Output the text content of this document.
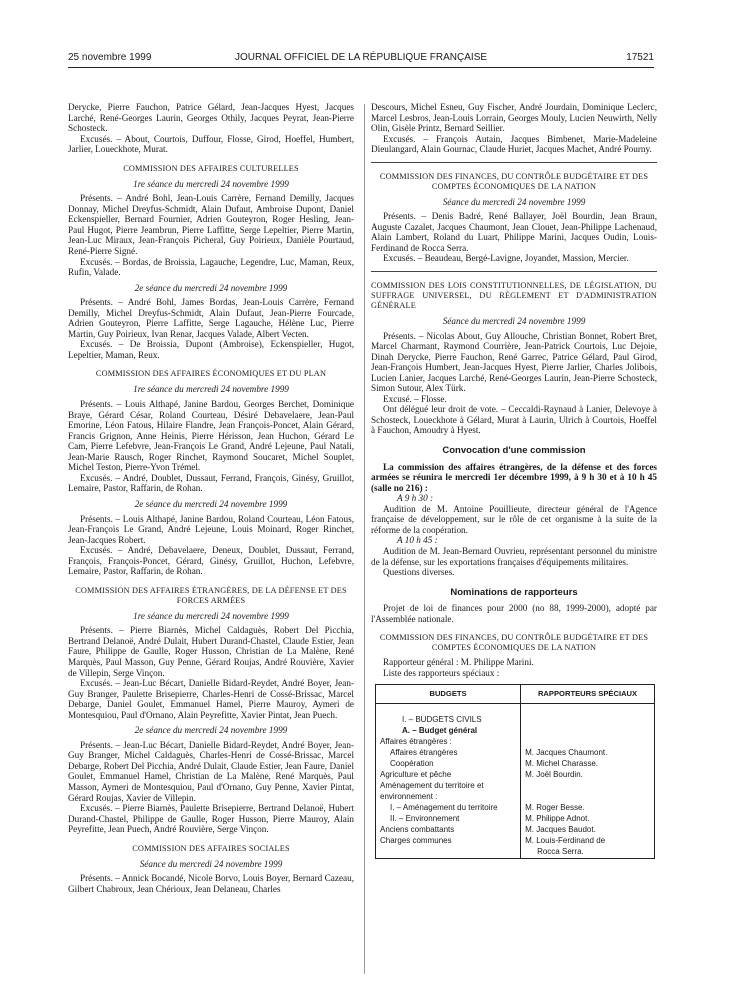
25 novembre 1999	JOURNAL OFFICIEL DE LA RÉPUBLIQUE FRANÇAISE	17521

Derycke, Pierre Fauchon, Patrice Gélard, Jean-Jacques Hyest, Jacques Larché, René-Georges Laurin, Georges Othily, Jacques Peyrat, Jean-Pierre Schosteck.

Excusés. – About, Courtois, Duffour, Flosse, Girod, Hoeffel, Humbert, Jarlier, Loueckhote, Murat.

COMMISSION DES AFFAIRES CULTURELLES
1re séance du mercredi 24 novembre 1999

Présents. – André Bohl, Jean-Louis Carrère, Fernand Demilly, Jacques Donnay, Michel Dreyfus-Schmidt, Alain Dufaut, Ambroise Dupont, Daniel Eckenspieller, Bernard Fournier, Adrien Gouteyron, Roger Hesling, Jean-Paul Hugot, Pierre Jeambrun, Pierre Laffitte, Serge Lepeltier, Pierre Martin, Jean-Luc Miraux, Jean-François Picheral, Guy Poirieux, Danièle Pourtaud, René-Pierre Signé.

Excusés. – Bordas, de Broissia, Lagauche, Legendre, Luc, Maman, Reux, Rufin, Valade.

2e séance du mercredi 24 novembre 1999

Présents. – André Bohl, James Bordas, Jean-Louis Carrère, Fernand Demilly, Michel Dreyfus-Schmidt, Alain Dufaut, Jean-Pierre Fourcade, Adrien Gouteyron, Pierre Laffitte, Serge Lagauche, Hélène Luc, Pierre Martin, Guy Poirieux, Ivan Renar, Jacques Valade, Albert Vecten.

Excusés. – De Broissia, Dupont (Ambroise), Eckenspieller, Hugot, Lepeltier, Maman, Reux.

COMMISSION DES AFFAIRES ÉCONOMIQUES ET DU PLAN
1re séance du mercredi 24 novembre 1999

Présents. – Louis Althapé, Janine Bardou, Georges Berchet, Dominique Braye, Gérard César, Roland Courteau, Désiré Debavelaere, Jean-Paul Emorine, Léon Fatous, Hilaire Flandre, Jean François-Poncet, Alain Gérard, Francis Grignon, Anne Heinis, Pierre Hérisson, Jean Huchon, Gérard Le Cam, Pierre Lefebvre, Jean-François Le Grand, André Lejeune, Paul Natali, Jean-Marie Rausch, Roger Rinchet, Raymond Soucaret, Michel Souplet, Michel Teston, Pierre-Yvon Trémel.

Excusés. – André, Doublet, Dussaut, Ferrand, François, Ginésy, Gruillot, Lemaire, Pastor, Raffarin, de Rohan.

2e séance du mercredi 24 novembre 1999

Présents. – Louis Althapé, Janine Bardou, Roland Courteau, Léon Fatous, Jean-François Le Grand, André Lejeune, Louis Moinard, Roger Rinchet, Jean-Jacques Robert.

Excusés. – André, Debavelaere, Deneux, Doublet, Dussaut, Ferrand, François, François-Poncet, Gérard, Ginésy, Gruillot, Huchon, Lefebvre, Lemaire, Pastor, Raffarin, de Rohan.

COMMISSION DES AFFAIRES ÉTRANGÈRES, DE LA DÉFENSE ET DES FORCES ARMÉES
1re séance du mercredi 24 novembre 1999

Présents. – Pierre Biarnès, Michel Caldaguès, Robert Del Picchia, Bertrand Delanoë, André Dulait, Hubert Durand-Chastel, Claude Estier, Jean Faure, Philippe de Gaulle, Roger Husson, Christian de La Malène, René Marquès, Paul Masson, Guy Penne, Gérard Roujas, André Rouvière, Xavier de Villepin, Serge Vinçon.

Excusés. – Jean-Luc Bécart, Danielle Bidard-Reydet, André Boyer, Jean-Guy Branger, Paulette Brisepierre, Charles-Henri de Cossé-Brissac, Marcel Debarge, Daniel Goulet, Emmanuel Hamel, Pierre Mauroy, Aymeri de Montesquiou, Paul d'Ornano, Alain Peyrefitte, Xavier Pintat, Jean Puech.

2e séance du mercredi 24 novembre 1999

Présents. – Jean-Luc Bécart, Danielle Bidard-Reydet, André Boyer, Jean-Guy Branger, Michel Caldaguès, Charles-Henri de Cossé-Brissac, Marcel Debarge, Robert Del Picchia, André Dulait, Claude Estier, Jean Faure, Daniel Goulet, Emmanuel Hamel, Christian de La Malène, René Marquès, Paul Masson, Aymeri de Montesquiou, Paul d'Ornano, Guy Penne, Xavier Pintat, Gérard Roujas, Xavier de Villepin.

Excusés. – Pierre Biarnès, Paulette Brisepierre, Bertrand Delanoë, Hubert Durand-Chastel, Philippe de Gaulle, Roger Husson, Pierre Mauroy, Alain Peyrefitte, Jean Puech, André Rouvière, Serge Vinçon.

COMMISSION DES AFFAIRES SOCIALES
Séance du mercredi 24 novembre 1999

Présents. – Annick Bocandé, Nicole Borvo, Louis Boyer, Bernard Cazeau, Gilbert Chabroux, Jean Chérioux, Jean Delaneau, Charles

Descours, Michel Esneu, Guy Fischer, André Jourdain, Dominique Leclerc, Marcel Lesbros, Jean-Louis Lorrain, Georges Mouly, Lucien Neuwirth, Nelly Olin, Gisèle Printz, Bernard Seillier.

Excusés. – François Autain, Jacques Bimbenet, Marie-Madeleine Dieulangard, Alain Gournac, Claude Huriet, Jacques Machet, André Pourny.

COMMISSION DES FINANCES, DU CONTRÔLE BUDGÉTAIRE ET DES COMPTES ÉCONOMIQUES DE LA NATION
Séance du mercredi 24 novembre 1999

Présents. – Denis Badré, René Ballayer, Joël Bourdin, Jean Braun, Auguste Cazalet, Jacques Chaumont, Jean Clouet, Jean-Philippe Lachenaud, Alain Lambert, Roland du Luart, Philippe Marini, Jacques Oudin, Louis-Ferdinand de Rocca Serra.

Excusés. – Beaudeau, Bergé-Lavigne, Joyandet, Massion, Mercier.

COMMISSION DES LOIS CONSTITUTIONNELLES, DE LÉGISLATION, DU SUFFRAGE UNIVERSEL, DU RÈGLEMENT ET D'ADMINISTRATION GÉNÉRALE
Séance du mercredi 24 novembre 1999

Présents. – Nicolas About, Guy Allouche, Christian Bonnet, Robert Bret, Marcel Charmant, Raymond Courrière, Jean-Patrick Courtois, Luc Dejoie, Dinah Derycke, Pierre Fauchon, René Garrec, Patrice Gélard, Paul Girod, Jean-François Humbert, Jean-Jacques Hyest, Pierre Jarlier, Charles Jolibois, Lucien Lanier, Jacques Larché, René-Georges Laurin, Jean-Pierre Schosteck, Simon Sutour, Alex Türk.

Excusé. – Flosse.

Ont délégué leur droit de vote. – Ceccaldi-Raynaud à Lanier, Delevoye à Schosteck, Loueckhote à Gélard, Murat à Laurin, Ulrich à Courtois, Hoeffel à Fauchon, Amoudry à Hyest.

Convocation d'une commission

La commission des affaires étrangères, de la défense et des forces armées se réunira le mercredi 1er décembre 1999, à 9 h 30 et à 10 h 45 (salle no 216) :

A 9 h 30 :

Audition de M. Antoine Pouillieute, directeur général de l'Agence française de développement, sur le rôle de cet organisme à la suite de la réforme de la coopération.

A 10 h 45 :

Audition de M. Jean-Bernard Ouvrieu, représentant personnel du ministre de la défense, sur les exportations françaises d'équipements militaires.

Questions diverses.

Nominations de rapporteurs

Projet de loi de finances pour 2000 (no 88, 1999-2000), adopté par l'Assemblée nationale.

COMMISSION DES FINANCES, DU CONTRÔLE BUDGÉTAIRE ET DES COMPTES ÉCONOMIQUES DE LA NATION

Rapporteur général : M. Philippe Marini.

Liste des rapporteurs spéciaux :

BUDGETS	RAPPORTEURS SPÉCIAUX

I. – BUDGETS CIVILS	
A. – Budget général	
Affaires étrangères :	
Affaires étrangères	M. Jacques Chaumont.
Coopération	M. Michel Charasse.
Agriculture et pêche	M. Joël Bourdin.
Aménagement du territoire et	
environnement :	
I. – Aménagement du territoire	M. Roger Besse.
II. – Environnement	M. Philippe Adnot.
Anciens combattants	M. Jacques Baudot.
Charges communes	M. Louis-Ferdinand de
	Rocca Serra.
